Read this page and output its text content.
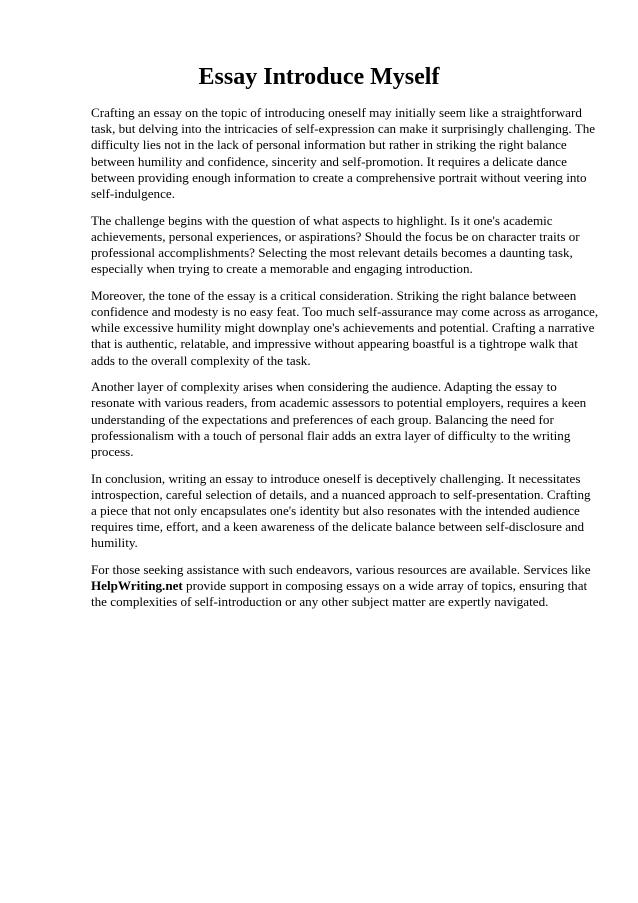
Essay Introduce Myself

Crafting an essay on the topic of introducing oneself may initially seem like a straightforward
task, but delving into the intricacies of self-expression can make it surprisingly challenging. The
difficulty lies not in the lack of personal information but rather in striking the right balance
between humility and confidence, sincerity and self-promotion. It requires a delicate dance
between providing enough information to create a comprehensive portrait without veering into
self-indulgence.

The challenge begins with the question of what aspects to highlight. Is it one's academic
achievements, personal experiences, or aspirations? Should the focus be on character traits or
professional accomplishments? Selecting the most relevant details becomes a daunting task,
especially when trying to create a memorable and engaging introduction.

Moreover, the tone of the essay is a critical consideration. Striking the right balance between
confidence and modesty is no easy feat. Too much self-assurance may come across as arrogance,
while excessive humility might downplay one's achievements and potential. Crafting a narrative
that is authentic, relatable, and impressive without appearing boastful is a tightrope walk that
adds to the overall complexity of the task.

Another layer of complexity arises when considering the audience. Adapting the essay to
resonate with various readers, from academic assessors to potential employers, requires a keen
understanding of the expectations and preferences of each group. Balancing the need for
professionalism with a touch of personal flair adds an extra layer of difficulty to the writing
process.

In conclusion, writing an essay to introduce oneself is deceptively challenging. It necessitates
introspection, careful selection of details, and a nuanced approach to self-presentation. Crafting
a piece that not only encapsulates one's identity but also resonates with the intended audience
requires time, effort, and a keen awareness of the delicate balance between self-disclosure and
humility.

For those seeking assistance with such endeavors, various resources are available. Services like
HelpWriting.net provide support in composing essays on a wide array of topics, ensuring that
the complexities of self-introduction or any other subject matter are expertly navigated.
